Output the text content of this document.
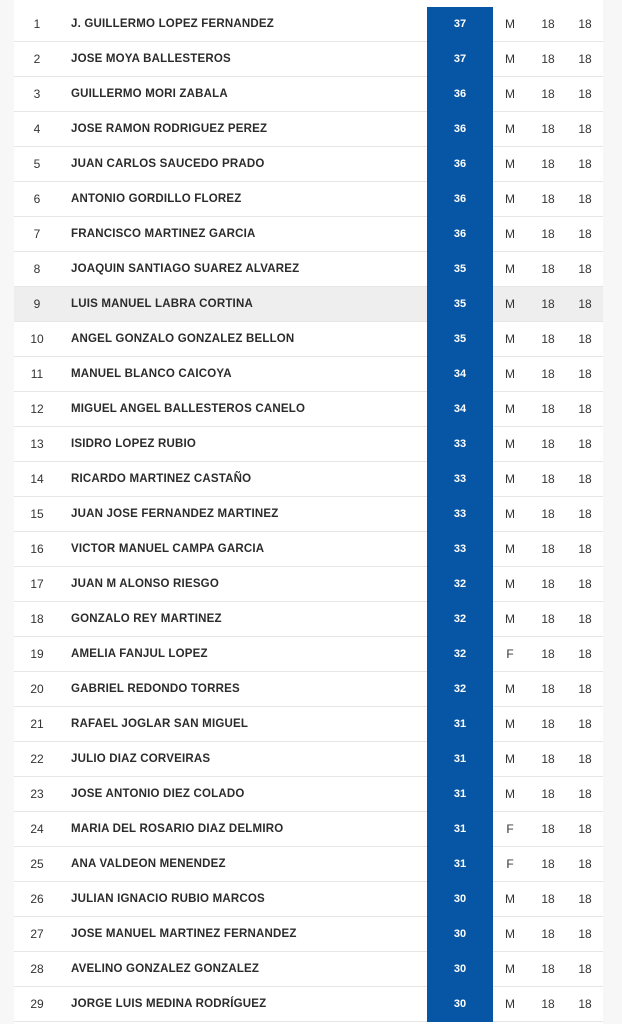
1	J. GUILLERMO LOPEZ FERNANDEZ	37	M	18	18
2	JOSE MOYA BALLESTEROS	37	M	18	18
3	GUILLERMO MORI ZABALA	36	M	18	18
4	JOSE RAMON RODRIGUEZ PEREZ	36	M	18	18
5	JUAN CARLOS SAUCEDO PRADO	36	M	18	18
6	ANTONIO GORDILLO FLOREZ	36	M	18	18
7	FRANCISCO MARTINEZ GARCIA	36	M	18	18
8	JOAQUIN SANTIAGO SUAREZ ALVAREZ	35	M	18	18
9	LUIS MANUEL LABRA CORTINA	35	M	18	18
10	ANGEL GONZALO GONZALEZ BELLON	35	M	18	18
11	MANUEL BLANCO CAICOYA	34	M	18	18
12	MIGUEL ANGEL BALLESTEROS CANELO	34	M	18	18
13	ISIDRO LOPEZ RUBIO	33	M	18	18
14	RICARDO MARTINEZ CASTAÑO	33	M	18	18
15	JUAN JOSE FERNANDEZ MARTINEZ	33	M	18	18
16	VICTOR MANUEL CAMPA GARCIA	33	M	18	18
17	JUAN M ALONSO RIESGO	32	M	18	18
18	GONZALO REY MARTINEZ	32	M	18	18
19	AMELIA FANJUL LOPEZ	32	F	18	18
20	GABRIEL REDONDO TORRES	32	M	18	18
21	RAFAEL JOGLAR SAN MIGUEL	31	M	18	18
22	JULIO DIAZ CORVEIRAS	31	M	18	18
23	JOSE ANTONIO DIEZ COLADO	31	M	18	18
24	MARIA DEL ROSARIO DIAZ DELMIRO	31	F	18	18
25	ANA VALDEON MENENDEZ	31	F	18	18
26	JULIAN IGNACIO RUBIO MARCOS	30	M	18	18
27	JOSE MANUEL MARTINEZ FERNANDEZ	30	M	18	18
28	AVELINO GONZALEZ GONZALEZ	30	M	18	18
29	JORGE LUIS MEDINA RODRÍGUEZ	30	M	18	18
